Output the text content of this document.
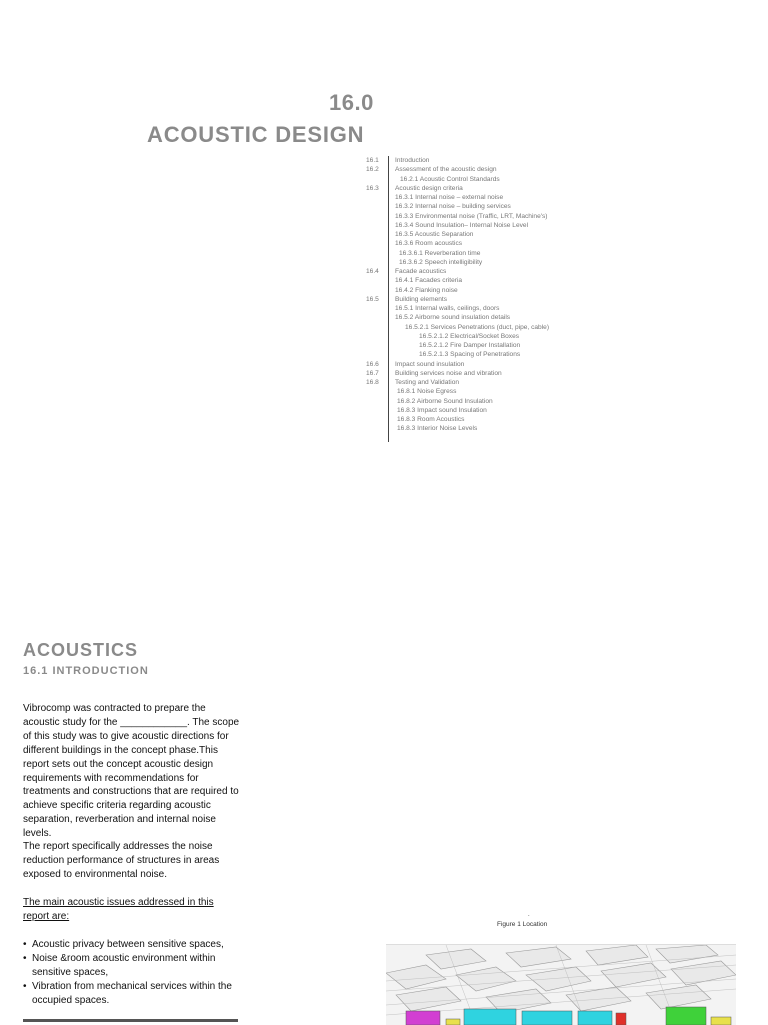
16.0
ACOUSTIC DESIGN
16.1 Introduction
16.2 Assessment of the acoustic design
16.2.1 Acoustic Control Standards
16.3 Acoustic design criteria
16.3.1 Internal noise – external noise
16.3.2 Internal noise – building services
16.3.3 Environmental noise (Traffic, LRT, Machine's)
16.3.4 Sound Insulation– Internal Noise Level
16.3.5 Acoustic Separation
16.3.6 Room acoustics
16.3.6.1 Reverberation time
16.3.6.2 Speech intelligibility
16.4 Facade acoustics
16.4.1 Facades criteria
16.4.2 Flanking noise
16.5 Building elements
16.5.1 Internal walls, ceilings, doors
16.5.2 Airborne sound insulation details
16.5.2.1 Services Penetrations (duct, pipe, cable)
16.5.2.1.2 Electrical/Socket Boxes
16.5.2.1.2 Fire Damper Installation
16.5.2.1.3 Spacing of Penetrations
16.6 Impact sound insulation
16.7 Building services noise and vibration
16.8 Testing and Validation
16.8.1 Noise Egress
16.8.2 Airborne Sound Insulation
16.8.3 Impact sound Insulation
16.8.3 Room Acoustics
16.8.3 Interior Noise Levels
ACOUSTICS
16.1 INTRODUCTION
Vibrocomp was contracted to prepare the acoustic study for the ____________. The scope of this study was to give acoustic directions for different buildings in the concept phase.This report sets out the concept acoustic design requirements with recommendations for treatments and constructions that are required to achieve specific criteria regarding acoustic separation, reverberation and internal noise levels.
The report specifically addresses the noise reduction performance of structures in areas exposed to environmental noise.
The main acoustic issues addressed in this report are:
• Acoustic privacy between sensitive spaces,
• Noise &room acoustic environment within sensitive spaces,
• Vibration from mechanical services within the occupied spaces.
.
Figure 1 Location
